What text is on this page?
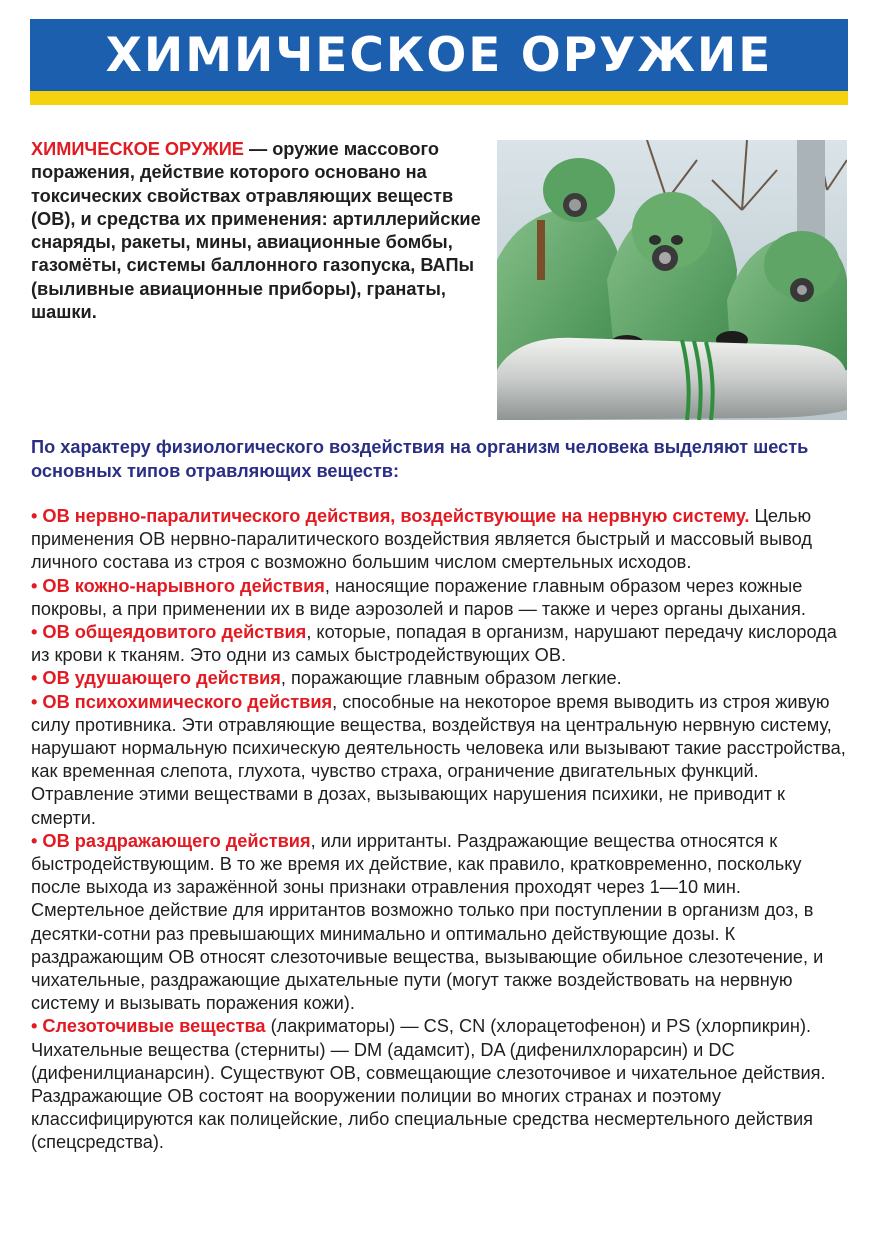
ХИМИЧЕСКОЕ ОРУЖИЕ
ХИМИЧЕСКОЕ ОРУЖИЕ — оружие массового поражения, действие которого основано на токсических свойствах отравляющих веществ (ОВ), и средства их применения: артиллерийские снаряды, ракеты, мины, авиационные бомбы, газомёты, системы баллонного газопуска, ВАПы (выливные авиационные приборы), гранаты, шашки.
По характеру физиологического воздействия на организм человека выделяют шесть основных типов отравляющих веществ:

• ОВ нервно-паралитического действия, воздействующие на нервную систему. Целью применения ОВ нервно-паралитического воздействия является быстрый и массовый вывод личного состава из строя с возможно большим числом смертельных исходов.

• ОВ кожно-нарывного действия, наносящие поражение главным образом через кожные покровы, а при применении их в виде аэрозолей и паров — также и через органы дыхания.

• ОВ общеядовитого действия, которые, попадая в организм, нарушают передачу кислорода из крови к тканям. Это одни из самых быстродействующих ОВ.

• ОВ удушающего действия, поражающие главным образом легкие.

• ОВ психохимического действия, способные на некоторое время выводить из строя живую силу противника. Эти отравляющие вещества, воздействуя на центральную нервную систему, нарушают нормальную психическую деятельность человека или вызывают такие расстройства, как временная слепота, глухота, чувство страха, ограничение двигательных функций. Отравление этими веществами в дозах, вызывающих нарушения психики, не приводит к смерти.

• ОВ раздражающего действия, или ирританты. Раздражающие вещества относятся к быстродействующим. В то же время их действие, как правило, кратковременно, поскольку после выхода из заражённой зоны признаки отравления проходят через 1—10 мин. Смертельное действие для ирритантов возможно только при поступлении в организм доз, в десятки-сотни раз превышающих минимально и оптимально действующие дозы. К раздражающим ОВ относят слезоточивые вещества, вызывающие обильное слезотечение, и чихательные, раздражающие дыхательные пути (могут также воздействовать на нервную систему и вызывать поражения кожи).

• Слезоточивые вещества (лакриматоры) — CS, CN (хлорацетофенон) и PS (хлорпикрин). Чихательные вещества (стерниты) — DM (адамсит), DA (дифенилхлорарсин) и DC (дифенилцианарсин). Существуют ОВ, совмещающие слезоточивое и чихательное действия. Раздражающие ОВ состоят на вооружении полиции во многих странах и поэтому классифицируются как полицейские, либо специальные средства несмертельного действия (спецсредства).
